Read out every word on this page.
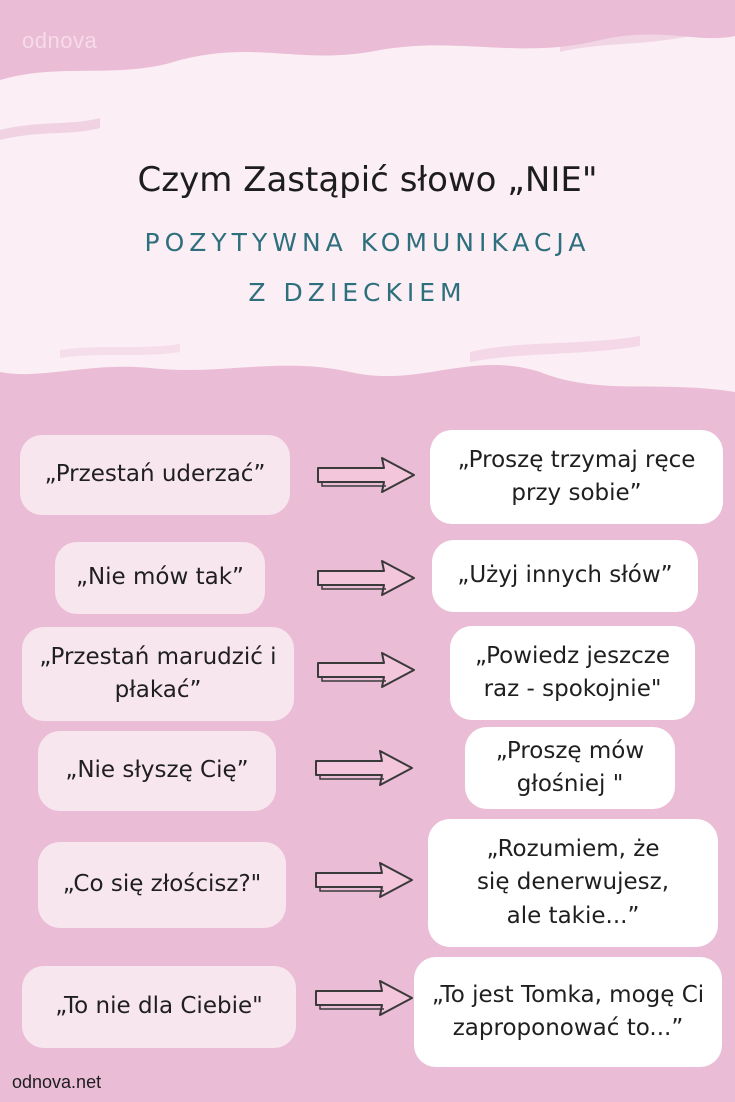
odnova
Czym Zastąpić słowo „NIE"
POZYTYWNA KOMUNIKACJA
Z DZIECKIEM
„Przestań uderzać”
„Proszę trzymaj ręce przy sobie”
„Nie mów tak”	„Użyj innych słów”
„Przestań marudzić i płakać”
„Powiedz jeszcze raz - spokojnie"
„Nie słyszę Cię”
„Proszę mów głośniej "
„Co się złościsz?"
„Rozumiem, że się denerwujesz, ale takie...”
„To nie dla Ciebie"	„To jest Tomka, mogę Ci zaproponować to...”
odnova.net
